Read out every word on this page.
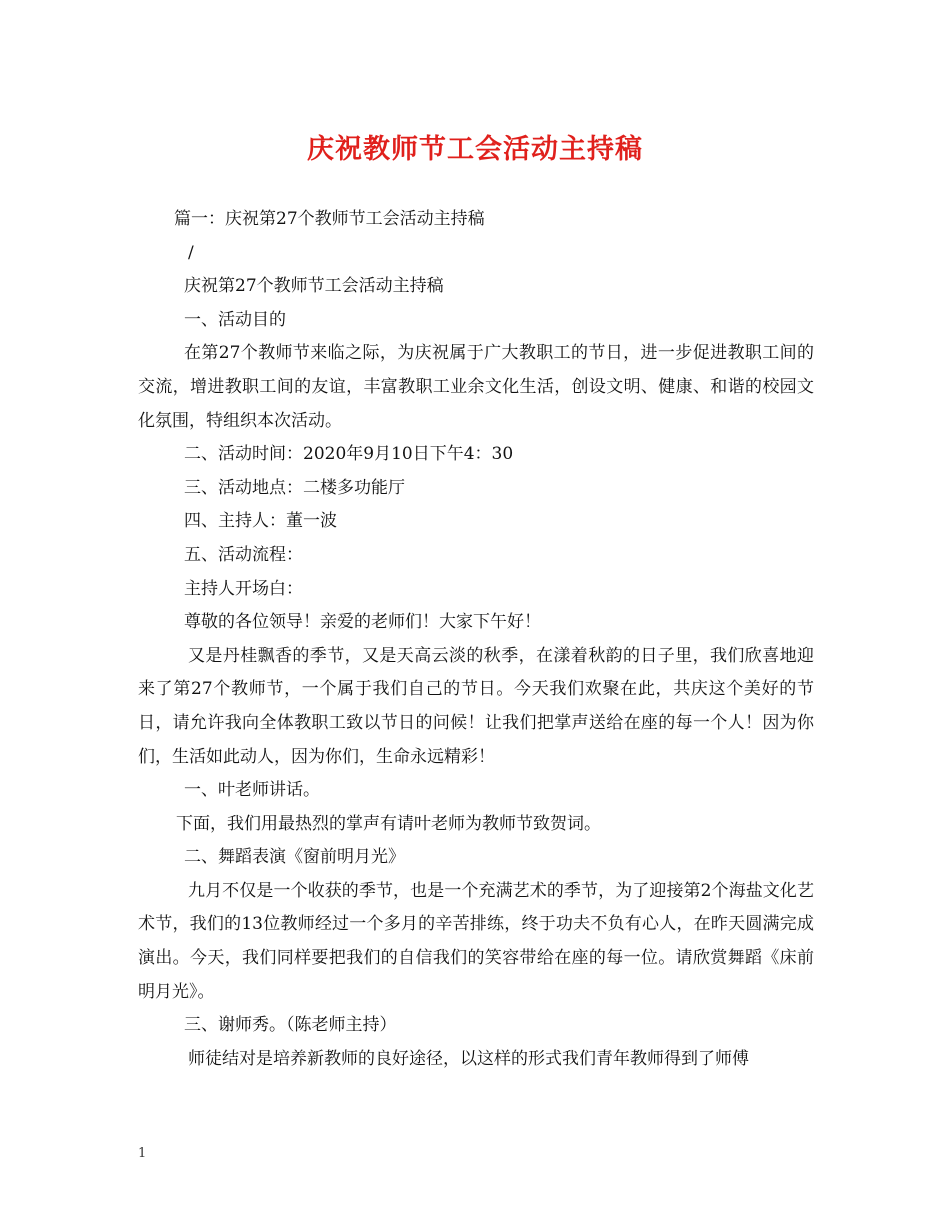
庆祝教师节工会活动主持稿

篇一：庆祝第27个教师节工会活动主持稿

/

庆祝第27个教师节工会活动主持稿

一、活动目的

在第27个教师节来临之际，为庆祝属于广大教职工的节日，进一步促进教职工间的交流，增进教职工间的友谊，丰富教职工业余文化生活，创设文明、健康、和谐的校园文化氛围，特组织本次活动。

二、活动时间：2020年9月10日下午4：30

三、活动地点：二楼多功能厅

四、主持人：董一波

五、活动流程：

主持人开场白：

尊敬的各位领导！亲爱的老师们！大家下午好！

又是丹桂飘香的季节，又是天高云淡的秋季，在漾着秋韵的日子里，我们欣喜地迎来了第27个教师节，一个属于我们自己的节日。今天我们欢聚在此，共庆这个美好的节日，请允许我向全体教职工致以节日的问候！让我们把掌声送给在座的每一个人！因为你们，生活如此动人，因为你们，生命永远精彩！

一、叶老师讲话。

下面，我们用最热烈的掌声有请叶老师为教师节致贺词。

二、舞蹈表演《窗前明月光》

九月不仅是一个收获的季节，也是一个充满艺术的季节，为了迎接第2个海盐文化艺术节，我们的13位教师经过一个多月的辛苦排练，终于功夫不负有心人，在昨天圆满完成演出。今天，我们同样要把我们的自信我们的笑容带给在座的每一位。请欣赏舞蹈《床前明月光》。

三、谢师秀。（陈老师主持）

师徒结对是培养新教师的良好途径，以这样的形式我们青年教师得到了师傅

1
